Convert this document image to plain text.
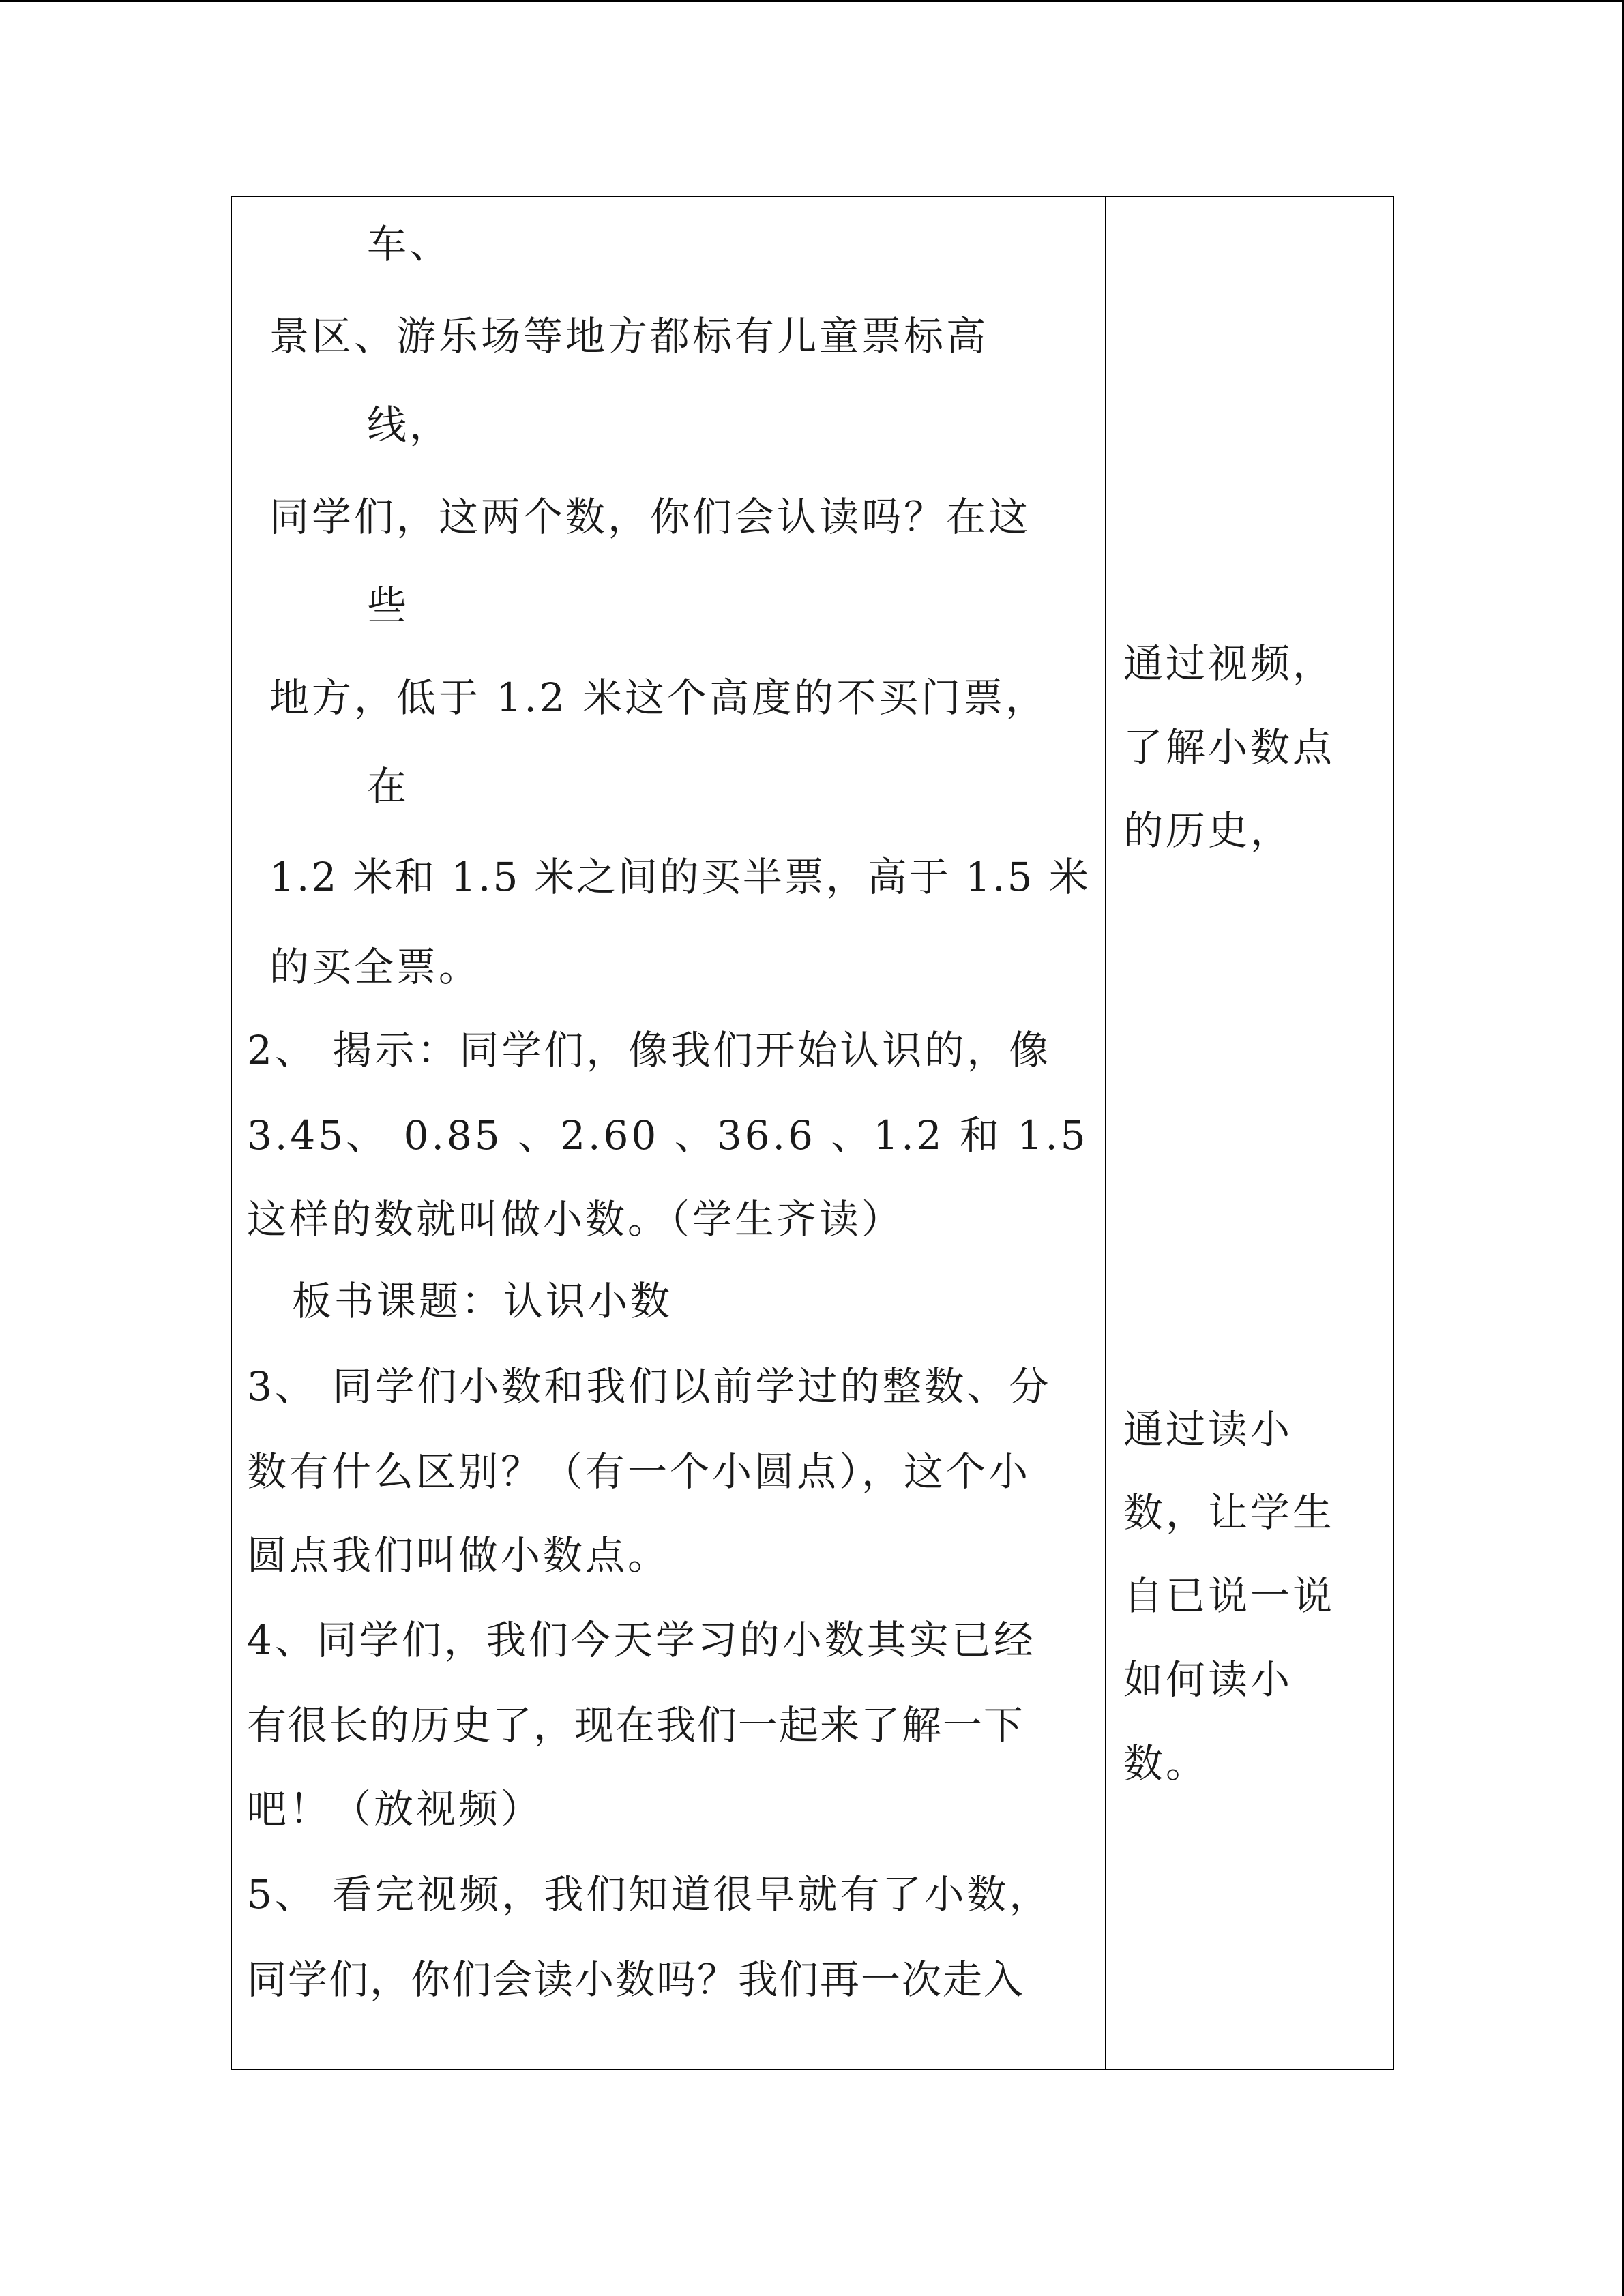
车、
景区、游乐场等地方都标有儿童票标高
线，
同学们，这两个数，你们会认读吗？在这
些
地方，低于 1.2 米这个高度的不买门票，
在
1.2 米和 1.5 米之间的买半票，高于 1.5 米
的买全票。
2、 揭示：同学们，像我们开始认识的，像
3.45、 0.85 、2.60 、36.6 、1.2 和 1.5
这样的数就叫做小数。（学生齐读）
板书课题：认识小数
3、 同学们小数和我们以前学过的整数、分
数有什么区别？（有一个小圆点），这个小
圆点我们叫做小数点。
4、同学们，我们今天学习的小数其实已经
有很长的历史了，现在我们一起来了解一下
吧！（放视频）
5、 看完视频，我们知道很早就有了小数，
同学们，你们会读小数吗？我们再一次走入
通过视频，
了解小数点
的历史，
通过读小
数，让学生
自已说一说
如何读小
数。
